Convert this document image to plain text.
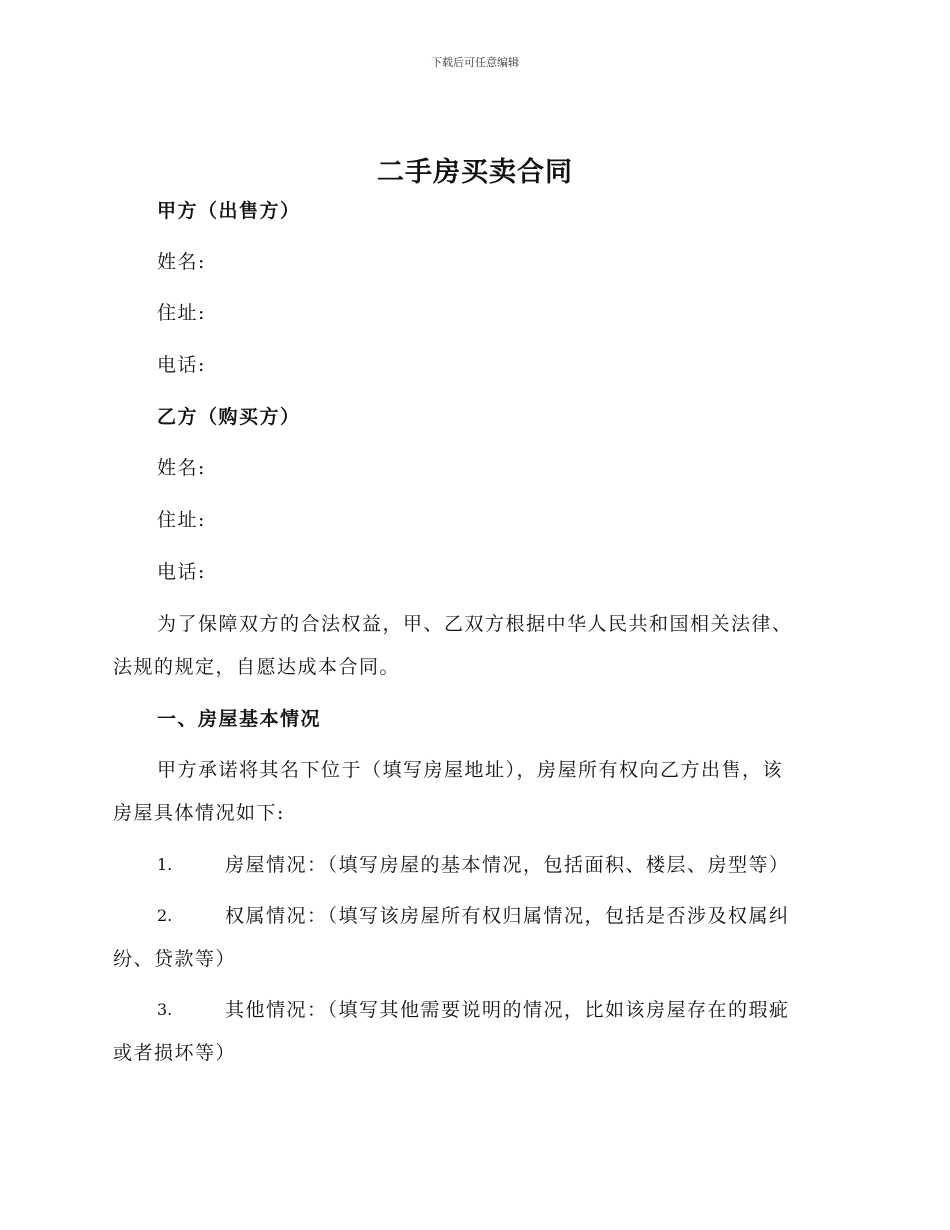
下载后可任意编辑
二手房买卖合同
甲方（出售方）
姓名:
住址:
电话:
乙方（购买方）
姓名:
住址:
电话:
为了保障双方的合法权益，甲、乙双方根据中华人民共和国相关法律、
法规的规定，自愿达成本合同。
一、房屋基本情况
甲方承诺将其名下位于（填写房屋地址），房屋所有权向乙方出售，该
房屋具体情况如下:
1.	房屋情况：（填写房屋的基本情况，包括面积、楼层、房型等）
2.	权属情况：（填写该房屋所有权归属情况，包括是否涉及权属纠
纷、贷款等）
3.	其他情况：（填写其他需要说明的情况，比如该房屋存在的瑕疵
或者损坏等）
